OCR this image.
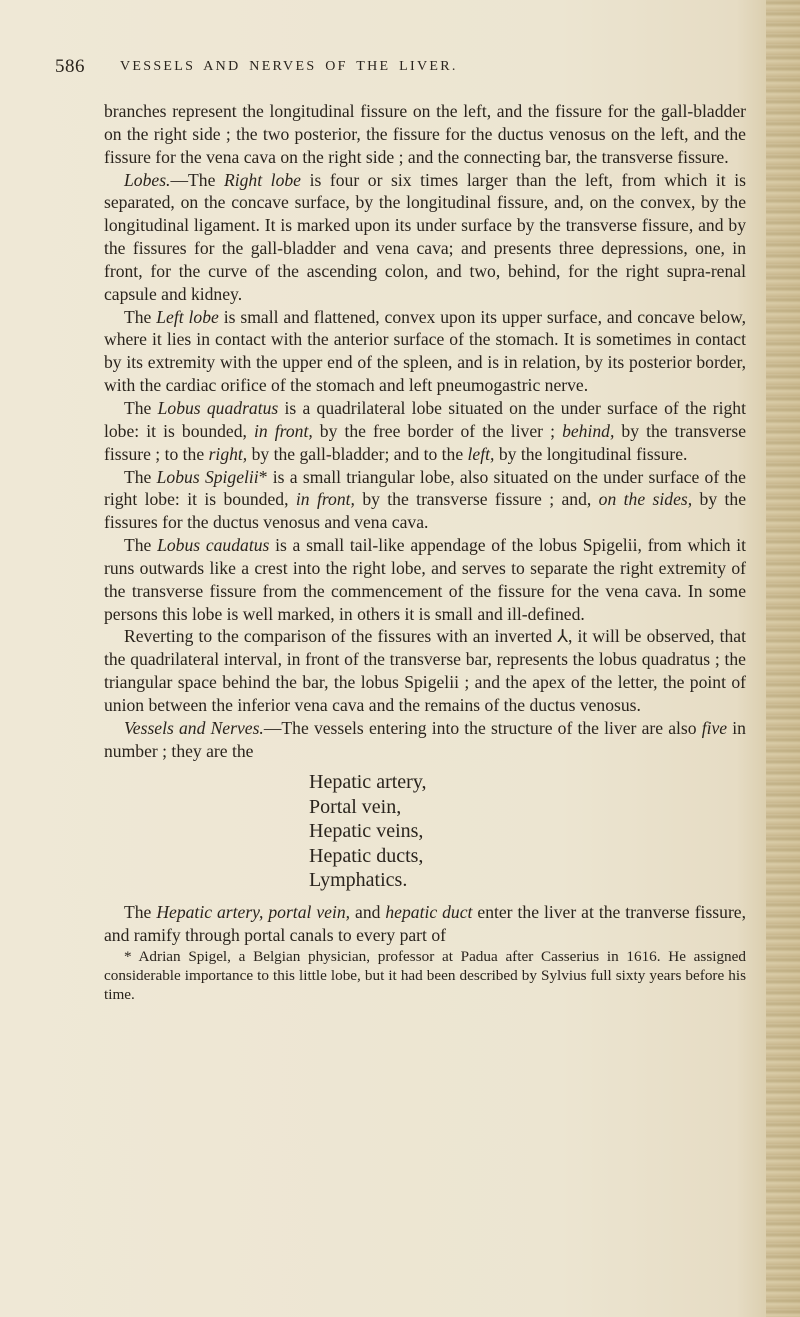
586	VESSELS AND NERVES OF THE LIVER.

branches represent the longitudinal fissure on the left, and the fissure for the gall-bladder on the right side ; the two posterior, the fissure for the ductus venosus on the left, and the fissure for the vena cava on the right side ; and the connecting bar, the transverse fissure.

Lobes.—The Right lobe is four or six times larger than the left, from which it is separated, on the concave surface, by the longitudinal fissure, and, on the convex, by the longitudinal ligament. It is marked upon its under surface by the transverse fissure, and by the fissures for the gall-bladder and vena cava; and presents three depressions, one, in front, for the curve of the ascending colon, and two, behind, for the right supra-renal capsule and kidney.

The Left lobe is small and flattened, convex upon its upper surface, and concave below, where it lies in contact with the anterior surface of the stomach. It is sometimes in contact by its extremity with the upper end of the spleen, and is in relation, by its posterior border, with the cardiac orifice of the stomach and left pneumogastric nerve.

The Lobus quadratus is a quadrilateral lobe situated on the under surface of the right lobe: it is bounded, in front, by the free border of the liver ; behind, by the transverse fissure ; to the right, by the gall-bladder; and to the left, by the longitudinal fissure.

The Lobus Spigelii* is a small triangular lobe, also situated on the under surface of the right lobe: it is bounded, in front, by the transverse fissure ; and, on the sides, by the fissures for the ductus venosus and vena cava.

The Lobus caudatus is a small tail-like appendage of the lobus Spigelii, from which it runs outwards like a crest into the right lobe, and serves to separate the right extremity of the transverse fissure from the commencement of the fissure for the vena cava. In some persons this lobe is well marked, in others it is small and ill-defined.

Reverting to the comparison of the fissures with an inverted ⅄, it will be observed, that the quadrilateral interval, in front of the transverse bar, represents the lobus quadratus ; the triangular space behind the bar, the lobus Spigelii ; and the apex of the letter, the point of union between the inferior vena cava and the remains of the ductus venosus.

Vessels and Nerves.—The vessels entering into the structure of the liver are also five in number ; they are the

Hepatic artery,
Portal vein,
Hepatic veins,
Hepatic ducts,
Lymphatics.

The Hepatic artery, portal vein, and hepatic duct enter the liver at the tranverse fissure, and ramify through portal canals to every part of

* Adrian Spigel, a Belgian physician, professor at Padua after Casserius in 1616. He assigned considerable importance to this little lobe, but it had been described by Sylvius full sixty years before his time.
